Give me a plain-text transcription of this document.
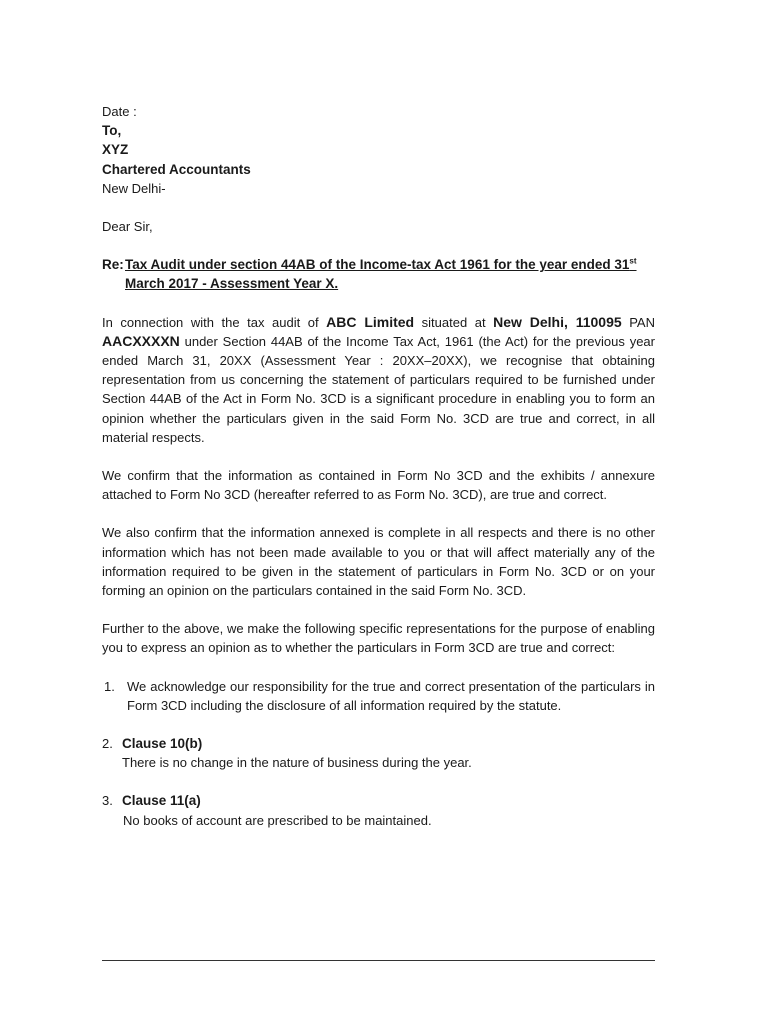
Date :
To,
XYZ
Chartered Accountants
New Delhi-
Dear Sir,
Re: Tax Audit under section 44AB of the Income-tax Act 1961 for the year ended 31st March 2017 - Assessment Year X.

In connection with the tax audit of ABC Limited situated at New Delhi, 110095 PAN AACXXXXN under Section 44AB of the Income Tax Act, 1961 (the Act) for the previous year ended March 31, 20XX (Assessment Year : 20XX–20XX), we recognise that obtaining representation from us concerning the statement of particulars required to be furnished under Section 44AB of the Act in Form No. 3CD is a significant procedure in enabling you to form an opinion whether the particulars given in the said Form No. 3CD are true and correct, in all material respects.

We confirm that the information as contained in Form No 3CD and the exhibits / annexure attached to Form No 3CD (hereafter referred to as Form No. 3CD), are true and correct.

We also confirm that the information annexed is complete in all respects and there is no other information which has not been made available to you or that will affect materially any of the information required to be given in the statement of particulars in Form No. 3CD or on your forming an opinion on the particulars contained in the said Form No. 3CD.

Further to the above, we make the following specific representations for the purpose of enabling you to express an opinion as to whether the particulars in Form 3CD are true and correct:

1. We acknowledge our responsibility for the true and correct presentation of the particulars in Form 3CD including the disclosure of all information required by the statute.
2. Clause 10(b)
There is no change in the nature of business during the year.
3. Clause 11(a)
No books of account are prescribed to be maintained.
